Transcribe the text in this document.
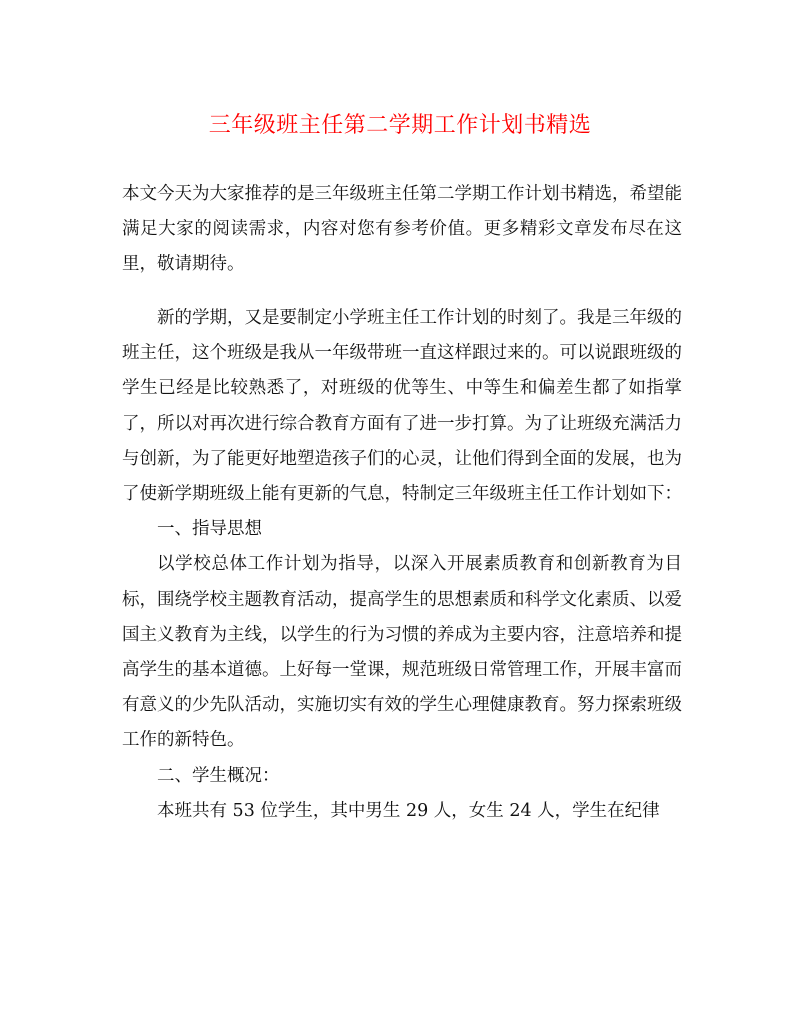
三年级班主任第二学期工作计划书精选

本文今天为大家推荐的是三年级班主任第二学期工作计划书精选，希望能满足大家的阅读需求，内容对您有参考价值。更多精彩文章发布尽在这里，敬请期待。

新的学期，又是要制定小学班主任工作计划的时刻了。我是三年级的班主任，这个班级是我从一年级带班一直这样跟过来的。可以说跟班级的学生已经是比较熟悉了，对班级的优等生、中等生和偏差生都了如指掌了，所以对再次进行综合教育方面有了进一步打算。为了让班级充满活力与创新，为了能更好地塑造孩子们的心灵，让他们得到全面的发展，也为了使新学期班级上能有更新的气息，特制定三年级班主任工作计划如下：

一、指导思想

以学校总体工作计划为指导，以深入开展素质教育和创新教育为目标，围绕学校主题教育活动，提高学生的思想素质和科学文化素质、以爱国主义教育为主线，以学生的行为习惯的养成为主要内容，注意培养和提高学生的基本道德。上好每一堂课，规范班级日常管理工作，开展丰富而有意义的少先队活动，实施切实有效的学生心理健康教育。努力探索班级工作的新特色。

二、学生概况：

本班共有 53 位学生，其中男生 29 人，女生 24 人，学生在纪律
